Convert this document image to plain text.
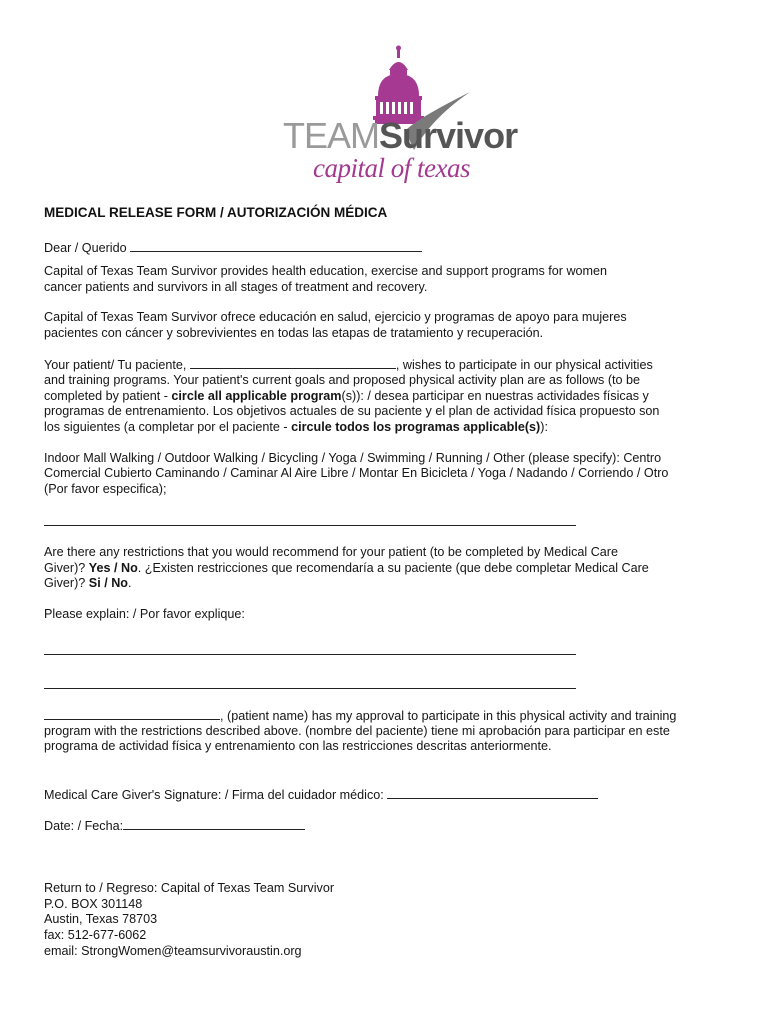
TEAMSurvivor
capital of texas
MEDICAL RELEASE FORM / AUTORIZACIÓN MÉDICA
Dear / Querido
Capital of Texas Team Survivor provides health education, exercise and support programs for women
cancer patients and survivors in all stages of treatment and recovery.
Capital of Texas Team Survivor ofrece educación en salud, ejercicio y programas de apoyo para mujeres
pacientes con cáncer y sobrevivientes en todas las etapas de tratamiento y recuperación.
Your patient/ Tu paciente,	, wishes to participate in our physical activities
and training programs. Your patient's current goals and proposed physical activity plan are as follows (to be
completed by patient - circle all applicable program(s)): / desea participar en nuestras actividades físicas y
programas de entrenamiento. Los objetivos actuales de su paciente y el plan de actividad física propuesto son
los siguientes (a completar por el paciente - circule todos los programas applicable(s)):
Indoor Mall Walking / Outdoor Walking / Bicycling / Yoga / Swimming / Running / Other (please specify): Centro
Comercial Cubierto Caminando / Caminar Al Aire Libre / Montar En Bicicleta / Yoga / Nadando / Corriendo / Otro
(Por favor especifica);
Are there any restrictions that you would recommend for your patient (to be completed by Medical Care
Giver)? Yes / No. ¿Existen restricciones que recomendaría a su paciente (que debe completar Medical Care
Giver)? Si / No.
Please explain: / Por favor explique:
, (patient name) has my approval to participate in this physical activity and training
program with the restrictions described above. (nombre del paciente) tiene mi aprobación para participar en este
programa de actividad física y entrenamiento con las restricciones descritas anteriormente.
Medical Care Giver's Signature: / Firma del cuidador médico:
Date: / Fecha:
Return to / Regreso: Capital of Texas Team Survivor
P.O. BOX 301148
Austin, Texas 78703
fax: 512-677-6062
email: StrongWomen@teamsurvivoraustin.org
